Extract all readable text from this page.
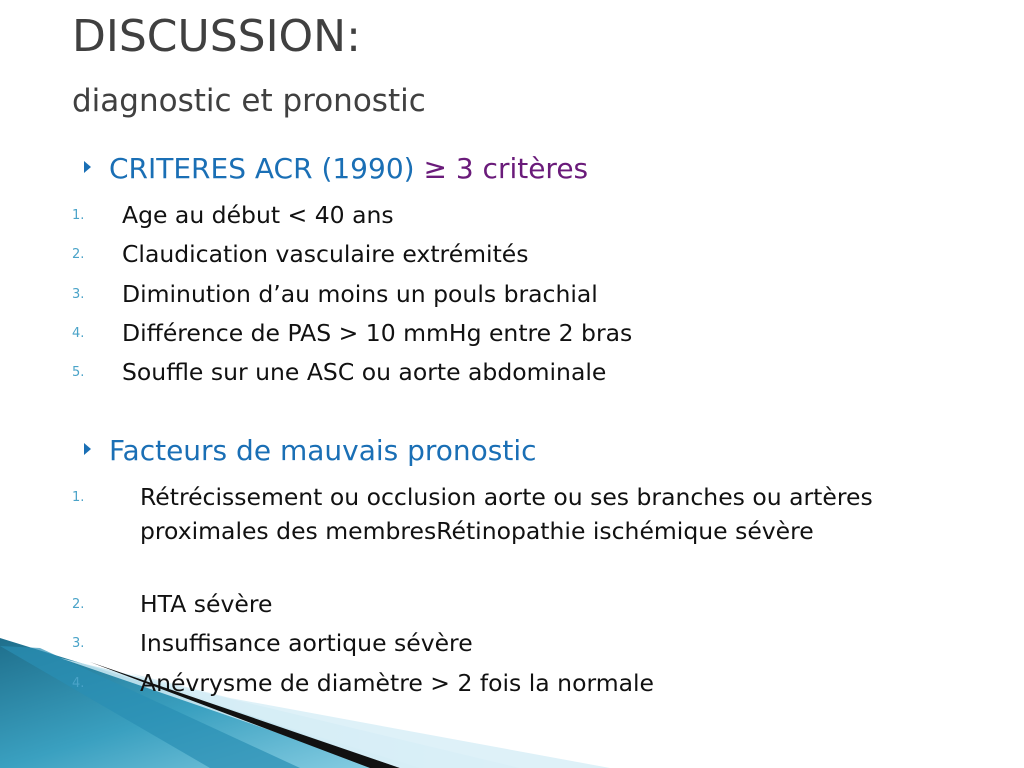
DISCUSSION:
diagnostic et pronostic
CRITERES ACR (1990) ≥ 3 critères
1. Age au début < 40 ans
2. Claudication vasculaire extrémités
3. Diminution d’au moins un pouls brachial
4. Différence de PAS > 10 mmHg entre 2 bras
5. Souffle sur une ASC ou aorte abdominale
Facteurs de mauvais pronostic
1. Rétrécissement ou occlusion aorte ou ses branches ou artères proximales des membresRétinopathie ischémique sévère
2. HTA sévère
3. Insuffisance aortique sévère
4. Anévrysme de diamètre > 2 fois la normale
